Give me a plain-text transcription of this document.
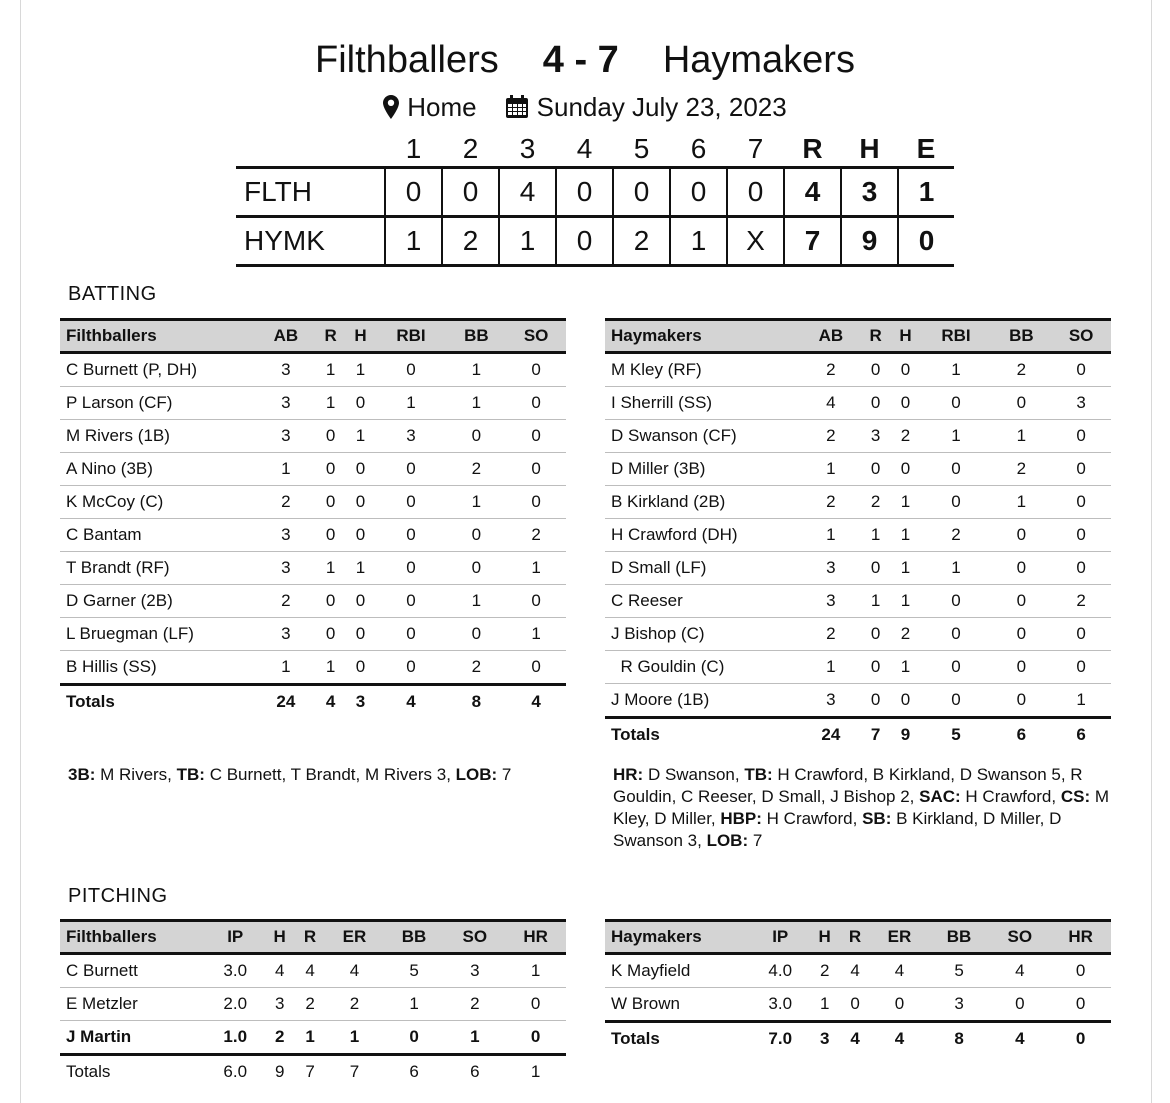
Filthballers 4 - 7 Haymakers
Home Sunday July 23, 2023
	1	2	3	4	5	6	7	R	H	E
FLTH	0	0	4	0	0	0	0	4	3	1
HYMK	1	2	1	0	2	1	X	7	9	0
BATTING
Filthballers	AB	R	H	RBI	BB	SO
C Burnett (P, DH)	3	1	1	0	1	0
P Larson (CF)	3	1	0	1	1	0
M Rivers (1B)	3	0	1	3	0	0
A Nino (3B)	1	0	0	0	2	0
K McCoy (C)	2	0	0	0	1	0
C Bantam	3	0	0	0	0	2
T Brandt (RF)	3	1	1	0	0	1
D Garner (2B)	2	0	0	0	1	0
L Bruegman (LF)	3	0	0	0	0	1
B Hillis (SS)	1	1	0	0	2	0
Totals	24	4	3	4	8	4
Haymakers	AB	R	H	RBI	BB	SO
M Kley (RF)	2	0	0	1	2	0
I Sherrill (SS)	4	0	0	0	0	3
D Swanson (CF)	2	3	2	1	1	0
D Miller (3B)	1	0	0	0	2	0
B Kirkland (2B)	2	2	1	0	1	0
H Crawford (DH)	1	1	1	2	0	0
D Small (LF)	3	0	1	1	0	0
C Reeser	3	1	1	0	0	2
J Bishop (C)	2	0	2	0	0	0
R Gouldin (C)	1	0	1	0	0	0
J Moore (1B)	3	0	0	0	0	1
Totals	24	7	9	5	6	6
3B: M Rivers, TB: C Burnett, T Brandt, M Rivers 3, LOB: 7	HR: D Swanson, TB: H Crawford, B Kirkland, D Swanson 5, R Gouldin, C Reeser, D Small, J Bishop 2, SAC: H Crawford, CS: M Kley, D Miller, HBP: H Crawford, SB: B Kirkland, D Miller, D Swanson 3, LOB: 7
PITCHING
Filthballers	IP	H	R	ER	BB	SO	HR
C Burnett	3.0	4	4	4	5	3	1
E Metzler	2.0	3	2	2	1	2	0
J Martin	1.0	2	1	1	0	1	0
Totals	6.0	9	7	7	6	6	1
Haymakers	IP	H	R	ER	BB	SO	HR
K Mayfield	4.0	2	4	4	5	4	0
W Brown	3.0	1	0	0	3	0	0
Totals	7.0	3	4	4	8	4	0
